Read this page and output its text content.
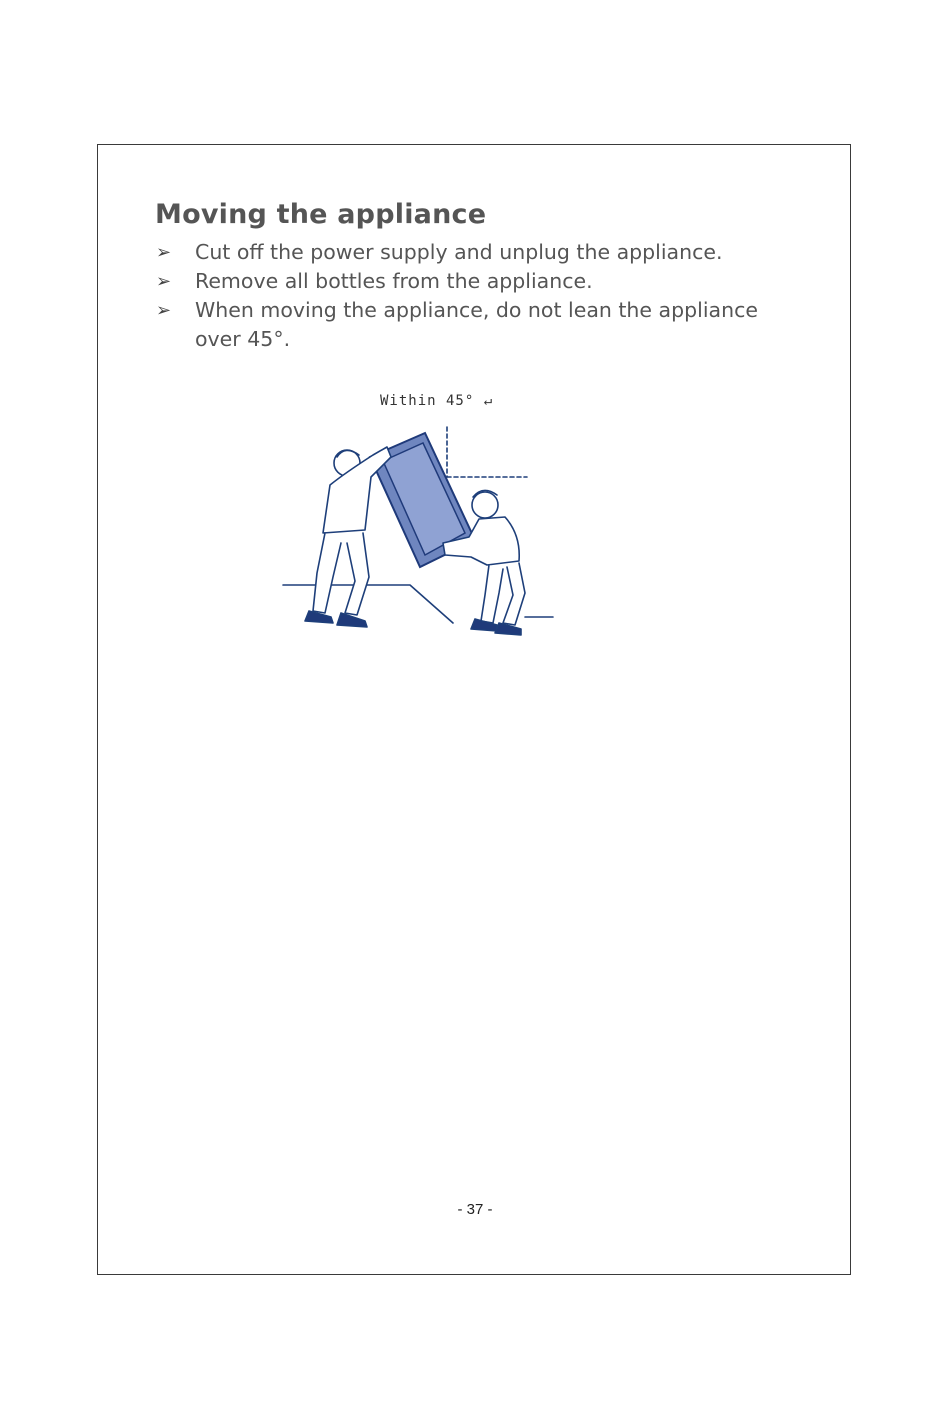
Moving the appliance
➢ Cut off the power supply and unplug the appliance.
➢ Remove all bottles from the appliance.
➢ When moving the appliance, do not lean the appliance over 45°.
Within 45° ↵
- 37 -
